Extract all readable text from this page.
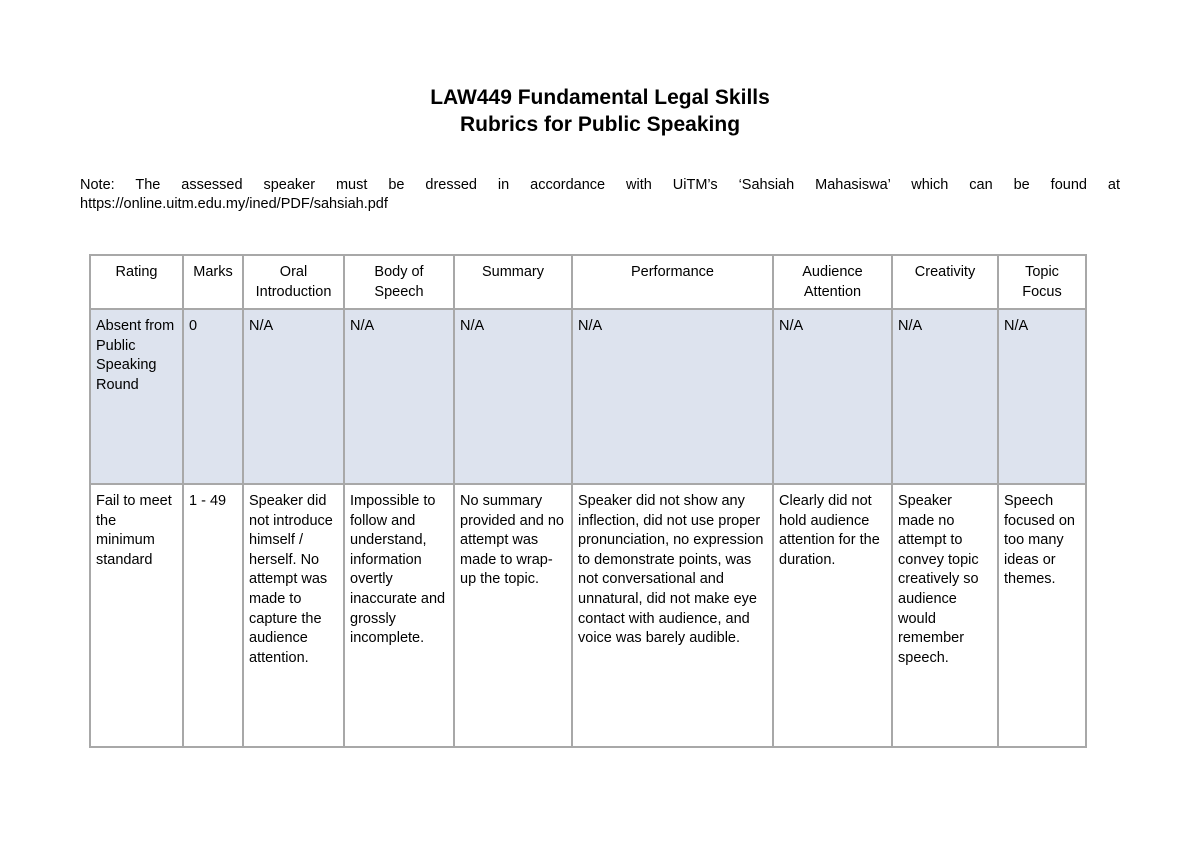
LAW449 Fundamental Legal Skills
Rubrics for Public Speaking
Note: The assessed speaker must be dressed in accordance with UiTM’s ‘Sahsiah Mahasiswa’ which can be found at https://online.uitm.edu.my/ined/PDF/sahsiah.pdf
Rating	Marks	Oral Introduction	Body of Speech	Summary	Performance	Audience Attention	Creativity	Topic Focus

Absent from Public Speaking Round	0	N/A	N/A	N/A	N/A	N/A	N/A	N/A

Fail to meet the minimum standard	1 - 49	Speaker did not introduce himself / herself. No attempt was made to capture the audience attention.	Impossible to follow and understand, information overtly inaccurate and grossly incomplete.	No summary provided and no attempt was made to wrap-up the topic.	Speaker did not show any inflection, did not use proper pronunciation, no expression to demonstrate points, was not conversational and unnatural, did not make eye contact with audience, and voice was barely audible.	Clearly did not hold audience attention for the duration.	Speaker made no attempt to convey topic creatively so audience would remember speech.	Speech focused on too many ideas or themes.
